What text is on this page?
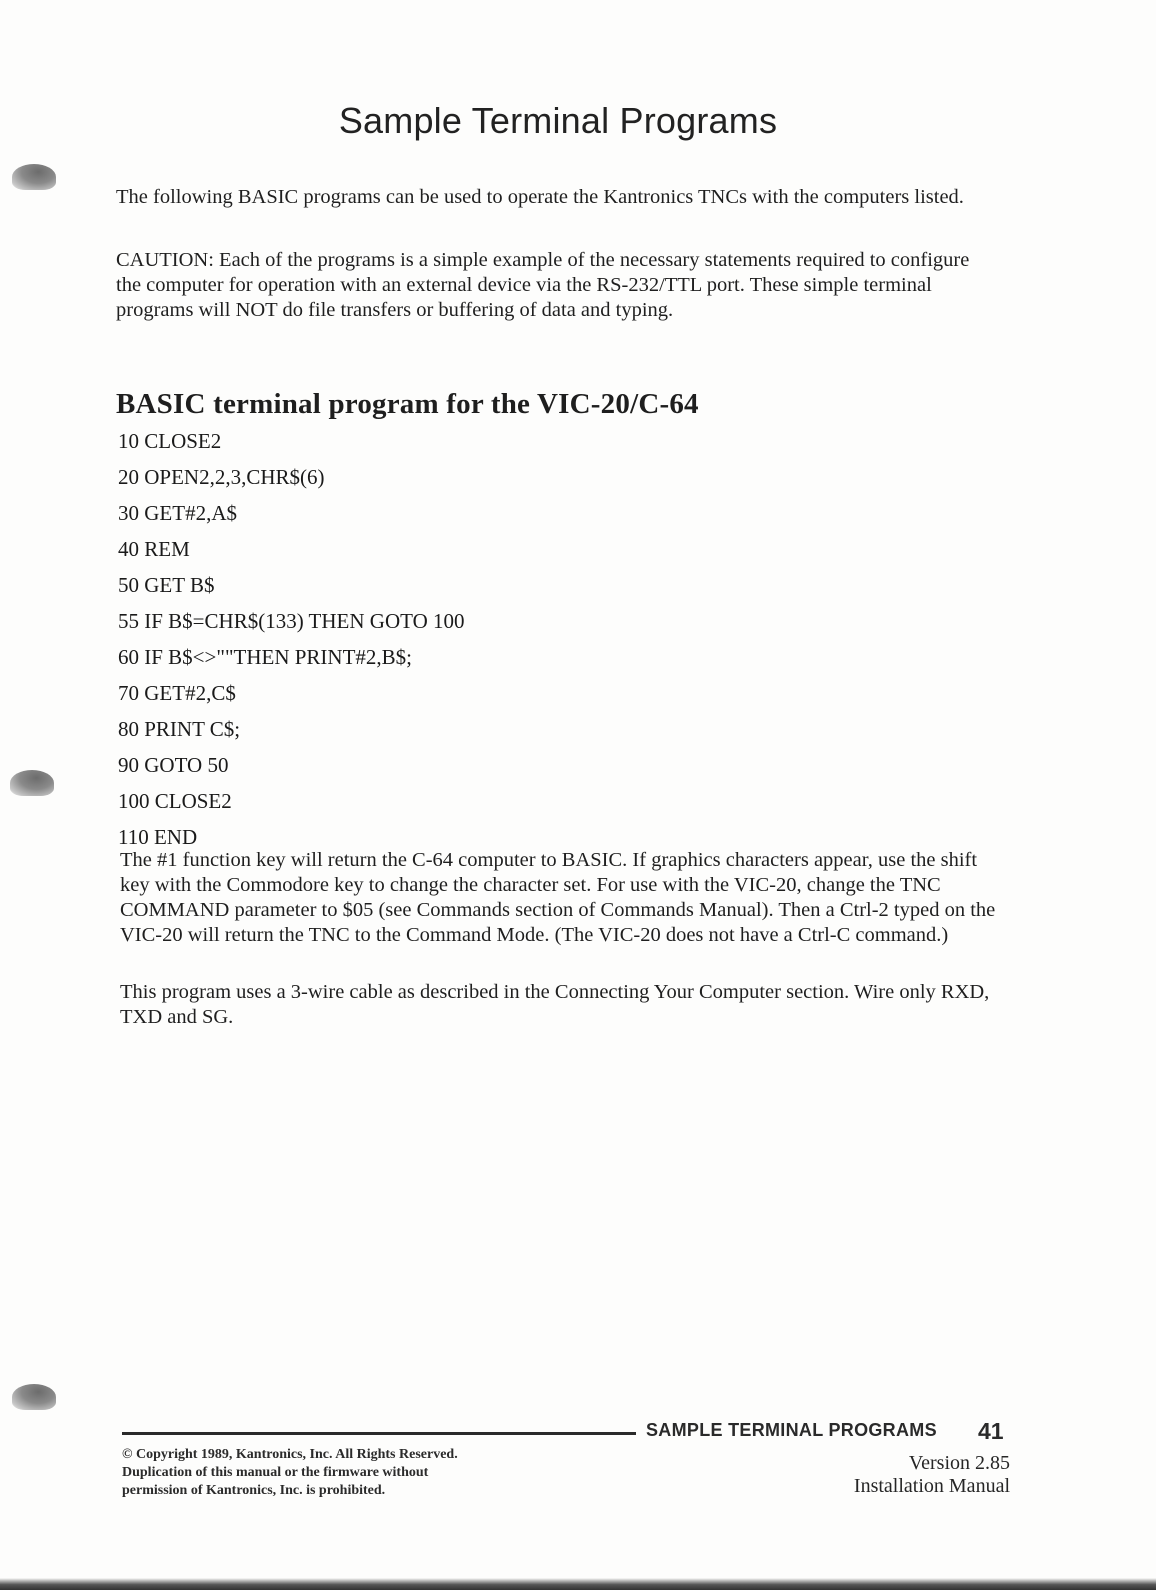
Sample Terminal Programs
The following BASIC programs can be used to operate the Kantronics TNCs with the computers listed.
CAUTION: Each of the programs is a simple example of the necessary statements required to configure the computer for operation with an external device via the RS-232/TTL port. These simple terminal programs will NOT do file transfers or buffering of data and typing.
BASIC terminal program for the VIC-20/C-64
10 CLOSE2
20 OPEN2,2,3,CHR$(6)
30 GET#2,A$
40 REM
50 GET B$
55 IF B$=CHR$(133) THEN GOTO 100
60 IF B$<>""THEN PRINT#2,B$;
70 GET#2,C$
80 PRINT C$;
90 GOTO 50
100 CLOSE2
110 END
The #1 function key will return the C-64 computer to BASIC. If graphics characters appear, use the shift key with the Commodore key to change the character set. For use with the VIC-20, change the TNC COMMAND parameter to $05 (see Commands section of Commands Manual). Then a Ctrl-2 typed on the VIC-20 will return the TNC to the Command Mode. (The VIC-20 does not have a Ctrl-C command.)
This program uses a 3-wire cable as described in the Connecting Your Computer section. Wire only RXD, TXD and SG.
SAMPLE TERMINAL PROGRAMS 41
© Copyright 1989, Kantronics, Inc. All Rights Reserved.
Duplication of this manual or the firmware without
permission of Kantronics, Inc. is prohibited.
Version 2.85
Installation Manual
